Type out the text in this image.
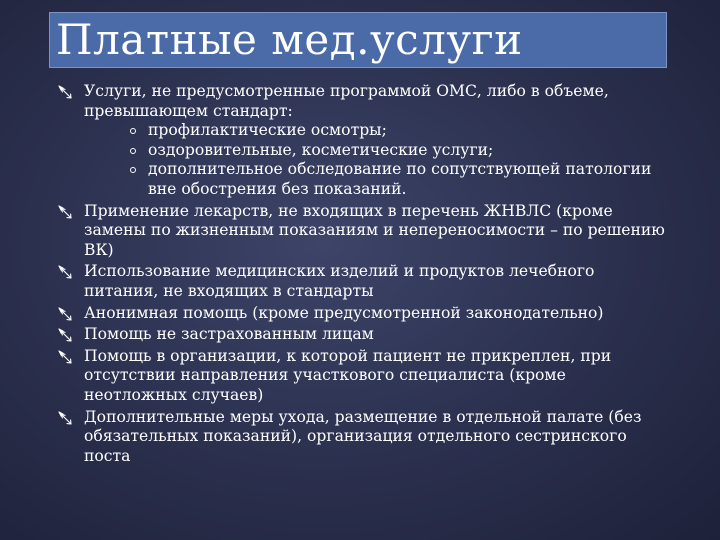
Платные мед.услуги
Услуги, не предусмотренные программой ОМС, либо в объеме, превышающем стандарт:
профилактические осмотры;
оздоровительные, косметические услуги;
дополнительное обследование по сопутствующей патологии вне обострения без показаний.
Применение лекарств, не входящих в перечень ЖНВЛС (кроме замены по жизненным показаниям и непереносимости – по решению ВК)
Использование медицинских изделий и продуктов лечебного питания, не входящих в стандарты
Анонимная помощь (кроме предусмотренной законодательно)
Помощь не застрахованным лицам
Помощь в организации, к которой пациент не прикреплен, при отсутствии направления участкового специалиста (кроме неотложных случаев)
Дополнительные меры ухода, размещение в отдельной палате (без обязательных показаний), организация отдельного сестринского поста
